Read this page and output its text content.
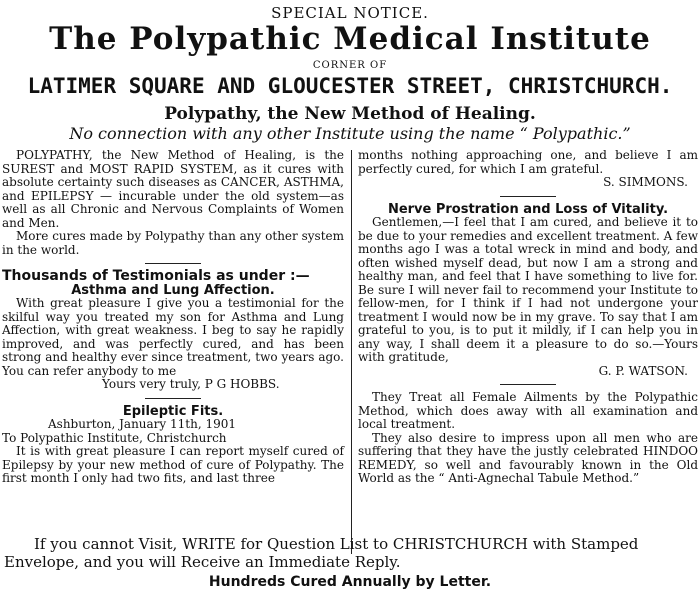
SPECIAL NOTICE.
The Polypathic Medical Institute
CORNER OF
LATIMER SQUARE AND GLOUCESTER STREET, CHRISTCHURCH.
Polypathy, the New Method of Healing.
No connection with any other Institute using the name “ Polypathic.”

POLYPATHY, the New Method of Healing, is the SUREST and MOST RAPID SYSTEM, as it cures with absolute certainty such diseases as CANCER, ASTHMA, and EPILEPSY — incurable under the old system—as well as all Chronic and Nervous Complaints of Women and Men.

More cures made by Polypathy than any other system in the world.

Thousands of Testimonials as under :—
Asthma and Lung Affection.

With great pleasure I give you a testimonial for the skilful way you treated my son for Asthma and Lung Affection, with great weakness. I beg to say he rapidly improved, and was perfectly cured, and has been strong and healthy ever since treatment, two years ago. You can refer anybody to me

Yours very truly, P G HOBBS.

Epileptic Fits.

Ashburton, January 11th, 1901

To Polypathic Institute, Christchurch

It is with great pleasure I can report myself cured of Epilepsy by your new method of cure of Polypathy. The first month I only had two fits, and last three

months nothing approaching one, and believe I am perfectly cured, for which I am grateful.

S. SIMMONS.

Nerve Prostration and Loss of Vitality.

Gentlemen,—I feel that I am cured, and believe it to be due to your remedies and excellent treatment. A few months ago I was a total wreck in mind and body, and often wished myself dead, but now I am a strong and healthy man, and feel that I have something to live for. Be sure I will never fail to recommend your Institute to fellow-men, for I think if I had not undergone your treatment I would now be in my grave. To say that I am grateful to you, is to put it mildly, if I can help you in any way, I shall deem it a pleasure to do so.—Yours with gratitude,

G. P. WATSON.

They Treat all Female Ailments by the Polypathic Method, which does away with all examination and local treatment.

They also desire to impress upon all men who are suffering that they have the justly celebrated HINDOO REMEDY, so well and favourably known in the Old World as the “ Anti-Agnechal Tabule Method.”

If you cannot Visit, WRITE for Question List to CHRISTCHURCH with Stamped
Envelope, and you will Receive an Immediate Reply.
Hundreds Cured Annually by Letter.
